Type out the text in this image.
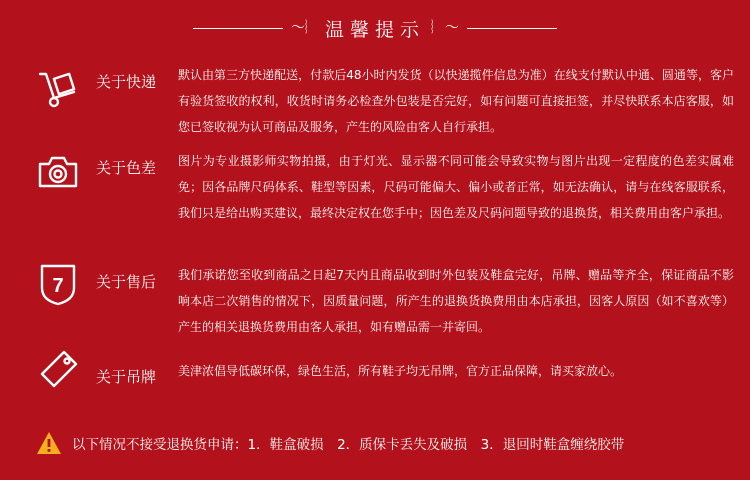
〜︴ 温馨提示 ︴〜
关于快递 默认由第三方快递配送，付款后48小时内发货（以快递揽件信息为准）在线支付默认中通、圆通等，客户有验货签收的权利，收货时请务必检查外包装是否完好，如有问题可直接拒签，并尽快联系本店客服，如您已签收视为认可商品及服务，产生的风险由客人自行承担。
关于色差 图片为专业摄影师实物拍摄，由于灯光、显示器不同可能会导致实物与图片出现一定程度的色差实属难免；因各品牌尺码体系、鞋型等因素，尺码可能偏大、偏小或者正常，如无法确认，请与在线客服联系，我们只是给出购买建议，最终决定权在您手中；因色差及尺码问题导致的退换货，相关费用由客户承担。
7 关于售后 我们承诺您至收到商品之日起7天内且商品收到时外包装及鞋盒完好，吊牌、赠品等齐全，保证商品不影响本店二次销售的情况下，因质量问题，所产生的退换货换费用由本店承担，因客人原因（如不喜欢等）产生的相关退换货费用由客人承担，如有赠品需一并寄回。
关于吊牌 美津浓倡导低碳环保，绿色生活，所有鞋子均无吊牌，官方正品保障，请买家放心。
以下情况不接受退换货申请：1．鞋盒破损　2．质保卡丢失及破损　3．退回时鞋盒缠绕胶带
